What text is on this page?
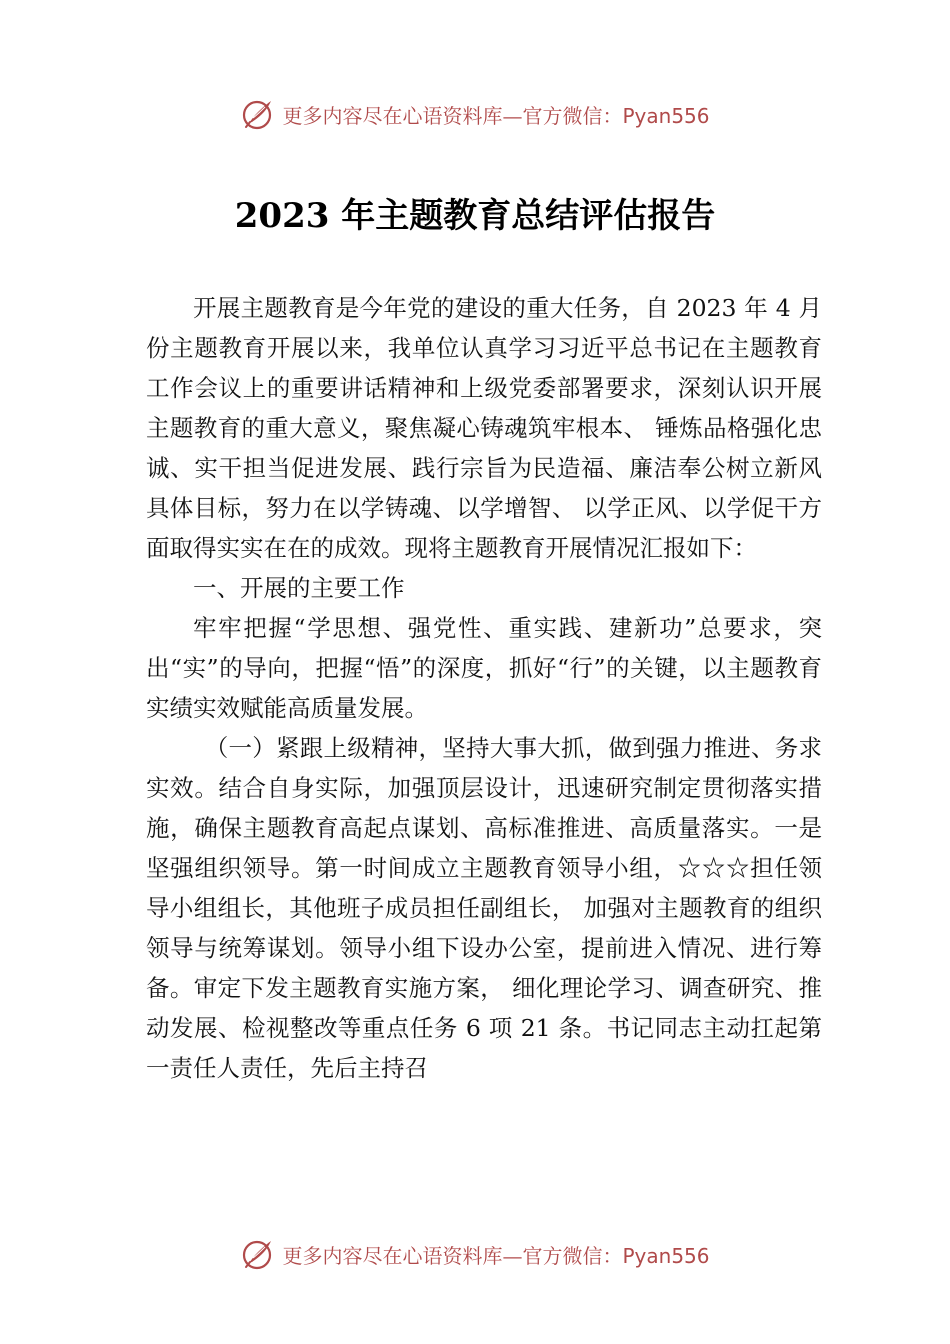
更多内容尽在心语资料库—官方微信：Pyan556
2023 年主题教育总结评估报告

开展主题教育是今年党的建设的重大任务，自 2023 年 4 月份主题教育开展以来，我单位认真学习习近平总书记在主题教育工作会议上的重要讲话精神和上级党委部署要求，深刻认识开展主题教育的重大意义，聚焦凝心铸魂筑牢根本、 锤炼品格强化忠诚、实干担当促进发展、践行宗旨为民造福、廉洁奉公树立新风具体目标，努力在以学铸魂、以学增智、 以学正风、以学促干方面取得实实在在的成效。现将主题教育开展情况汇报如下：

一、开展的主要工作

牢牢把握“学思想、强党性、重实践、建新功”总要求，突出“实”的导向，把握“悟”的深度，抓好“行”的关键，以主题教育实绩实效赋能高质量发展。

（一）紧跟上级精神，坚持大事大抓，做到强力推进、务求实效。结合自身实际，加强顶层设计，迅速研究制定贯彻落实措施，确保主题教育高起点谋划、高标准推进、高质量落实。一是坚强组织领导。第一时间成立主题教育领导小组，☆☆☆担任领导小组组长，其他班子成员担任副组长， 加强对主题教育的组织领导与统筹谋划。领导小组下设办公室，提前进入情况、进行筹备。审定下发主题教育实施方案， 细化理论学习、调查研究、推动发展、检视整改等重点任务 6 项 21 条。书记同志主动扛起第一责任人责任，先后主持召

更多内容尽在心语资料库—官方微信：Pyan556
